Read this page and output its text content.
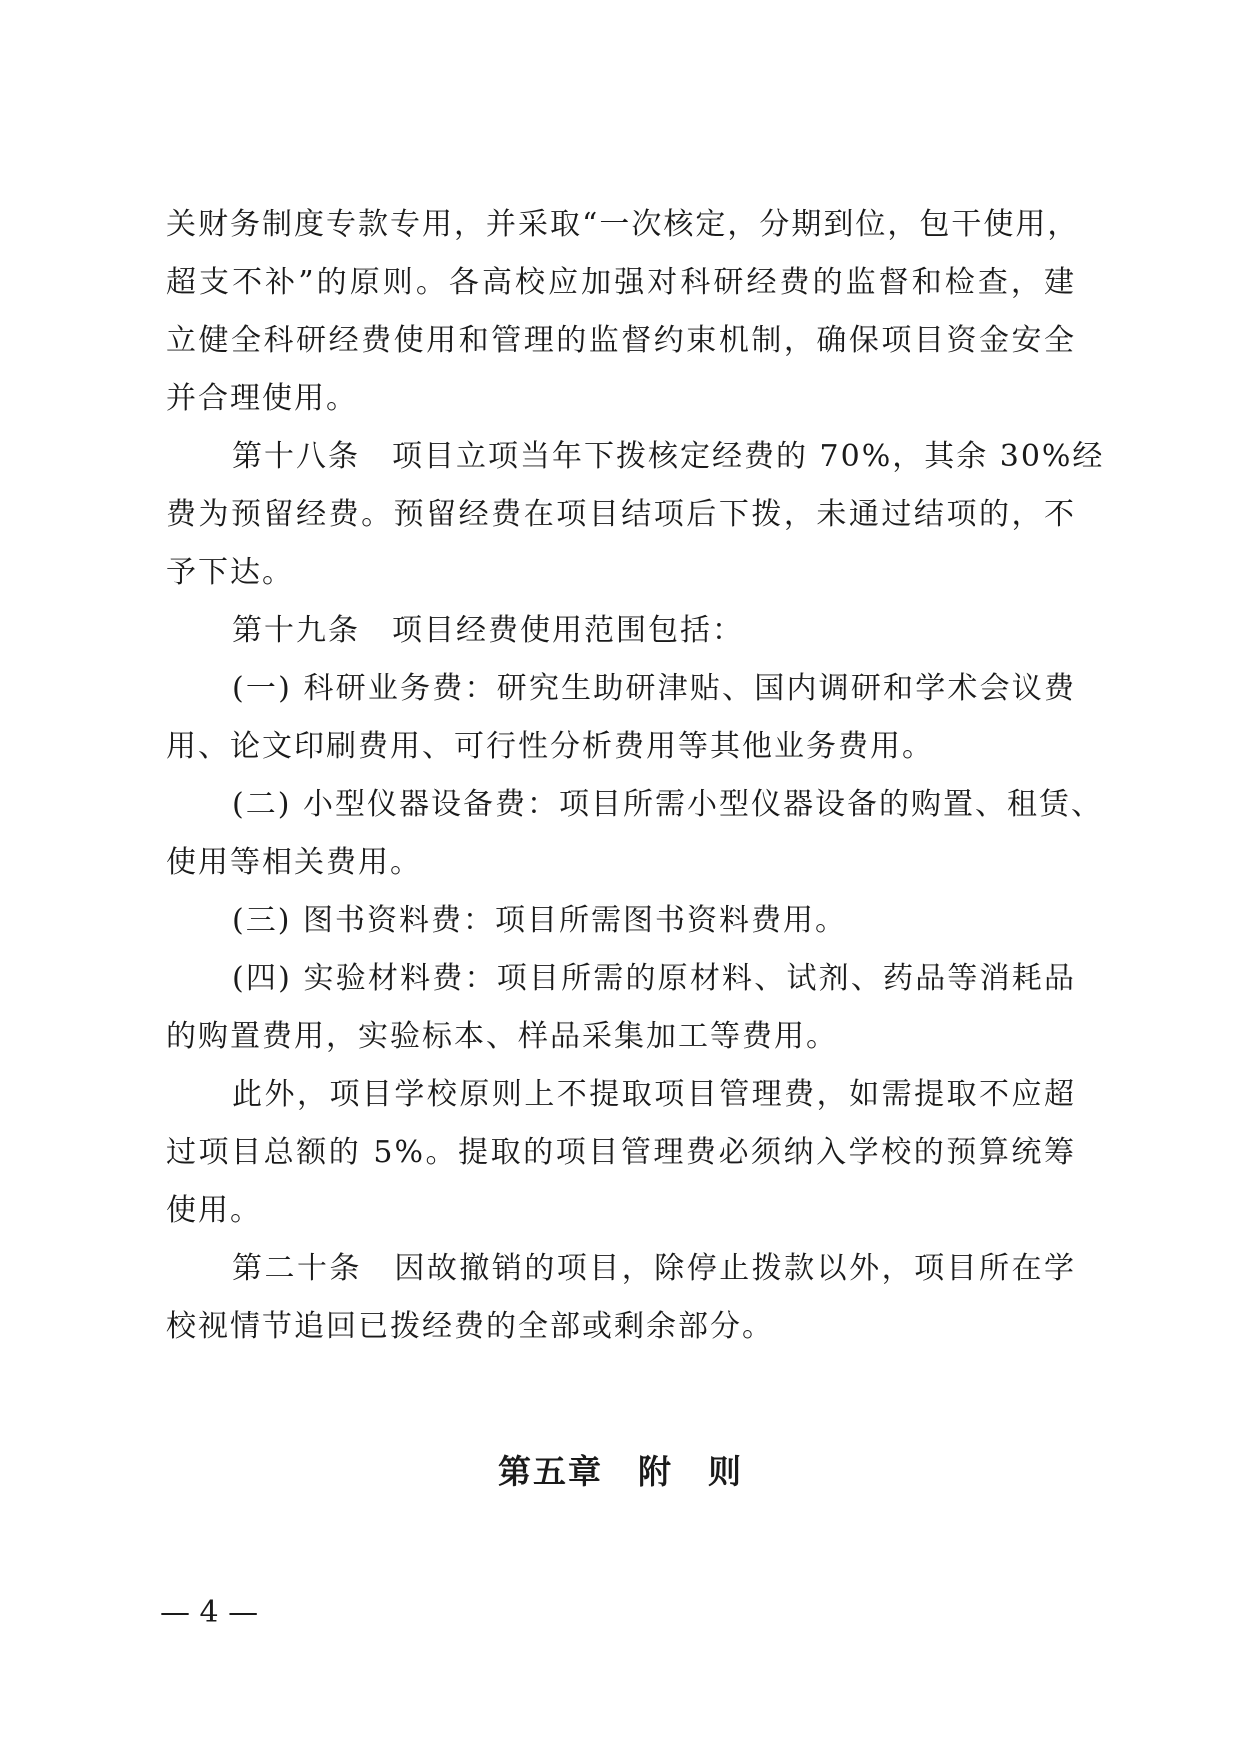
关财务制度专款专用，并采取“一次核定，分期到位，包干使用，
超支不补”的原则。各高校应加强对科研经费的监督和检查，建
立健全科研经费使用和管理的监督约束机制，确保项目资金安全
并合理使用。
第十八条　项目立项当年下拨核定经费的 70%，其余 30%经
费为预留经费。预留经费在项目结项后下拨，未通过结项的，不
予下达。
第十九条　项目经费使用范围包括：
(一) 科研业务费：研究生助研津贴、国内调研和学术会议费
用、论文印刷费用、可行性分析费用等其他业务费用。
(二) 小型仪器设备费：项目所需小型仪器设备的购置、租赁、
使用等相关费用。
(三) 图书资料费：项目所需图书资料费用。
(四) 实验材料费：项目所需的原材料、试剂、药品等消耗品
的购置费用，实验标本、样品采集加工等费用。
此外，项目学校原则上不提取项目管理费，如需提取不应超
过项目总额的 5%。提取的项目管理费必须纳入学校的预算统筹
使用。
第二十条　因故撤销的项目，除停止拨款以外，项目所在学
校视情节追回已拨经费的全部或剩余部分。
第五章　附　则
— 4 —
